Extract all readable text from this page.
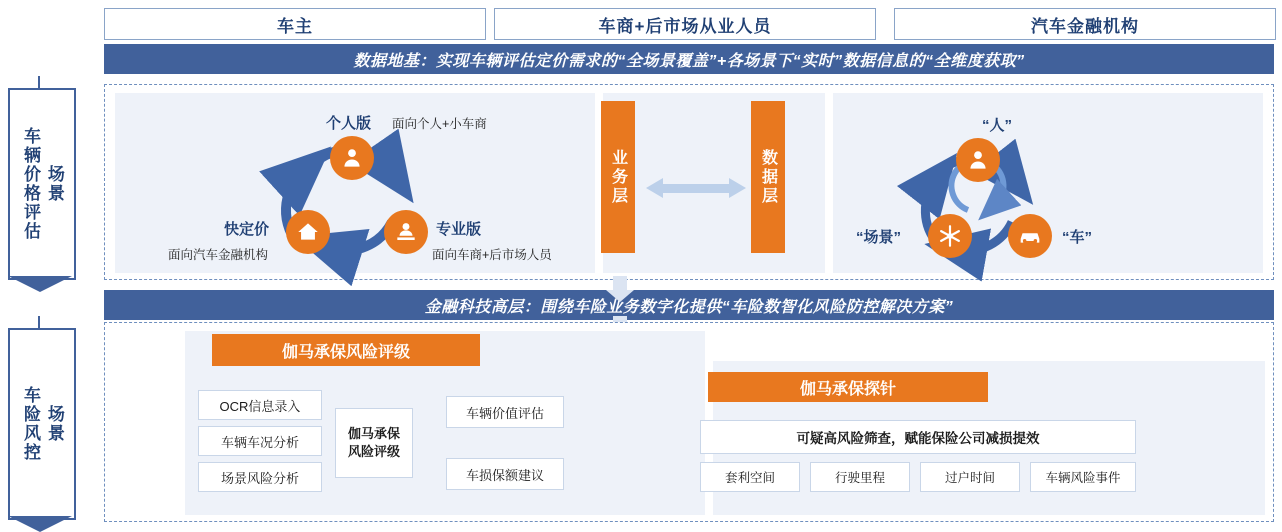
车主	车商+后市场从业人员	汽车金融机构
数据地基：实现车辆评估定价需求的“全场景覆盖”+各场景下“实时”数据信息的“全维度获取”
金融科技高层：围绕车险业务数字化提供“车险数智化风险防控解决方案”
车辆价格评估 场景
车险风控 场景
个人版 面向个人+小车商
专业版
面向车商+后市场人员
快定价
面向汽车金融机构
业务层	数据层
“人”
“车”
“场景”
伽马承保风险评级
伽马承保探针
OCR信息录入
车辆车况分析
场景风险分析
伽马承保
风险评级
车辆价值评估
车损保额建议
可疑高风险筛查，赋能保险公司减损提效
套利空间	行驶里程	过户时间	车辆风险事件
